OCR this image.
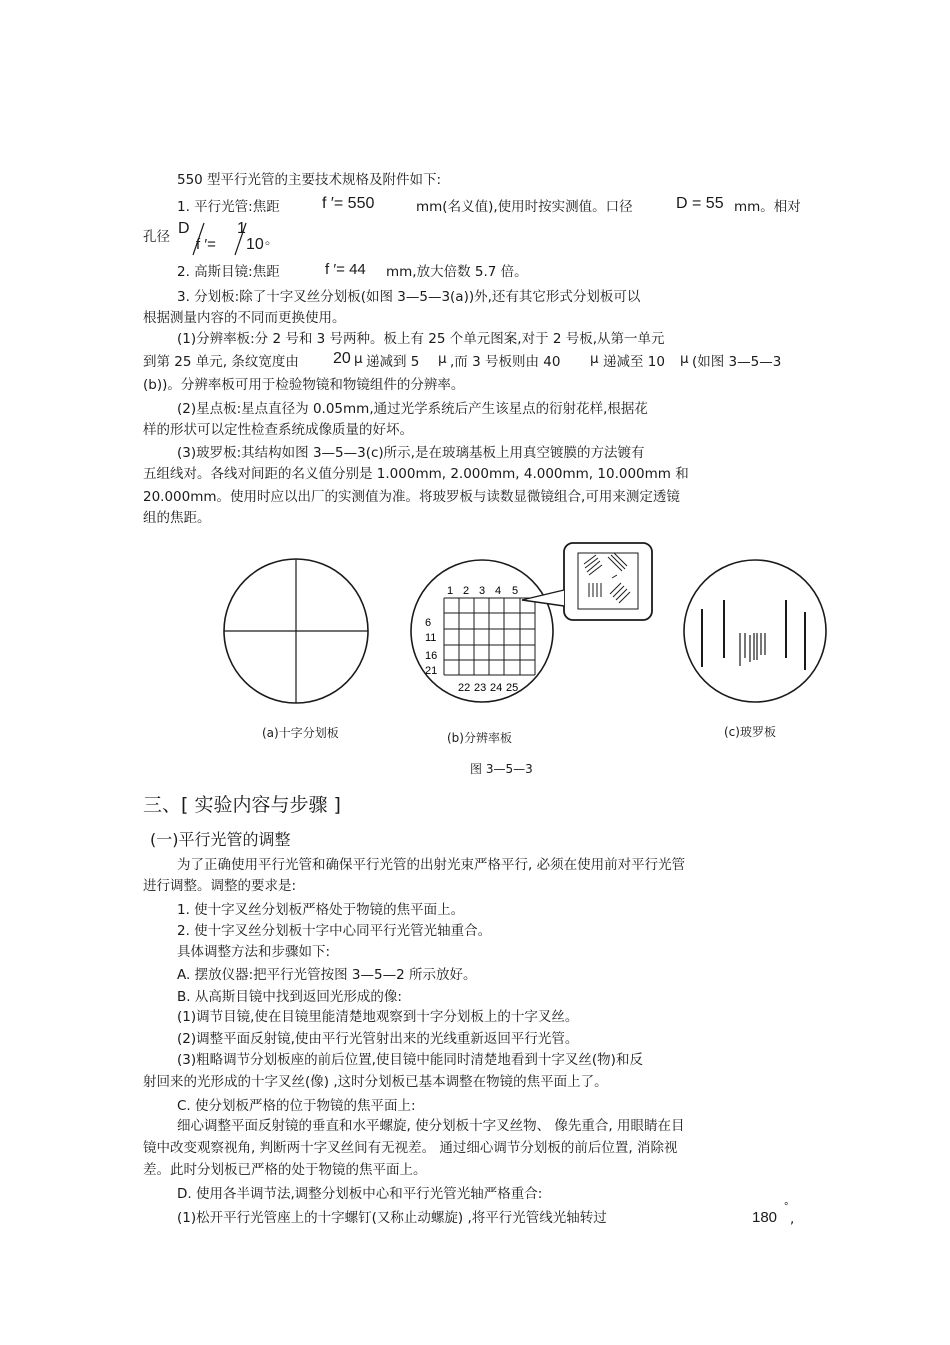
550 型平行光管的主要技术规格及附件如下:
1. 平行光管:焦距	f ′= 550	mm(名义值),使用时按实测值。口径	D = 55 mm。相对
孔径 D
f ′=
1
10 。
2. 高斯目镜:焦距	f ′= 44 mm,放大倍数 5.7 倍。
3. 分划板:除了十字叉丝分划板(如图 3—5—3(a))外,还有其它形式分划板可以
根据测量内容的不同而更换使用。
(1)分辨率板:分 2 号和 3 号两种。板上有 25 个单元图案,对于 2 号板,从第一单元
到第 25 单元, 条纹宽度由 20 μ 递减到 5 μ ,而 3 号板则由 40 μ 递减至 10 μ (如图 3—5—3
(b))。分辨率板可用于检验物镜和物镜组件的分辨率。
(2)星点板:星点直径为 0.05mm,通过光学系统后产生该星点的衍射花样,根据花
样的形状可以定性检查系统成像质量的好坏。
(3)玻罗板:其结构如图 3—5—3(c)所示,是在玻璃基板上用真空镀膜的方法镀有
五组线对。各线对间距的名义值分别是 1.000mm, 2.000mm, 4.000mm, 10.000mm 和
20.000mm。使用时应以出厂的实测值为准。将玻罗板与读数显微镜组合,可用来测定透镜
组的焦距。
1 2 3 4 5
6
11
16
21
22 23 24 25
(a)十字分划板	(b)分辨率板	(c)玻罗板
图 3—5—3
三、[ 实验内容与步骤 ]
(一)平行光管的调整
为了正确使用平行光管和确保平行光管的出射光束严格平行, 必须在使用前对平行光管
进行调整。调整的要求是:
1. 使十字叉丝分划板严格处于物镜的焦平面上。
2. 使十字叉丝分划板十字中心同平行光管光轴重合。
具体调整方法和步骤如下:
A. 摆放仪器:把平行光管按图 3—5—2 所示放好。
B. 从高斯目镜中找到返回光形成的像:
(1)调节目镜,使在目镜里能清楚地观察到十字分划板上的十字叉丝。
(2)调整平面反射镜,使由平行光管射出来的光线重新返回平行光管。
(3)粗略调节分划板座的前后位置,使目镜中能同时清楚地看到十字叉丝(物)和反
射回来的光形成的十字叉丝(像) ,这时分划板已基本调整在物镜的焦平面上了。
C. 使分划板严格的位于物镜的焦平面上:
细心调整平面反射镜的垂直和水平螺旋, 使分划板十字叉丝物、 像先重合, 用眼睛在目
镜中改变观察视角, 判断两十字叉丝间有无视差。 通过细心调节分划板的前后位置, 消除视
差。此时分划板已严格的处于物镜的焦平面上。
D. 使用各半调节法,调整分划板中心和平行光管光轴严格重合:
(1)松开平行光管座上的十字螺钉(又称止动螺旋) ,将平行光管线光轴转过	180
°
,
